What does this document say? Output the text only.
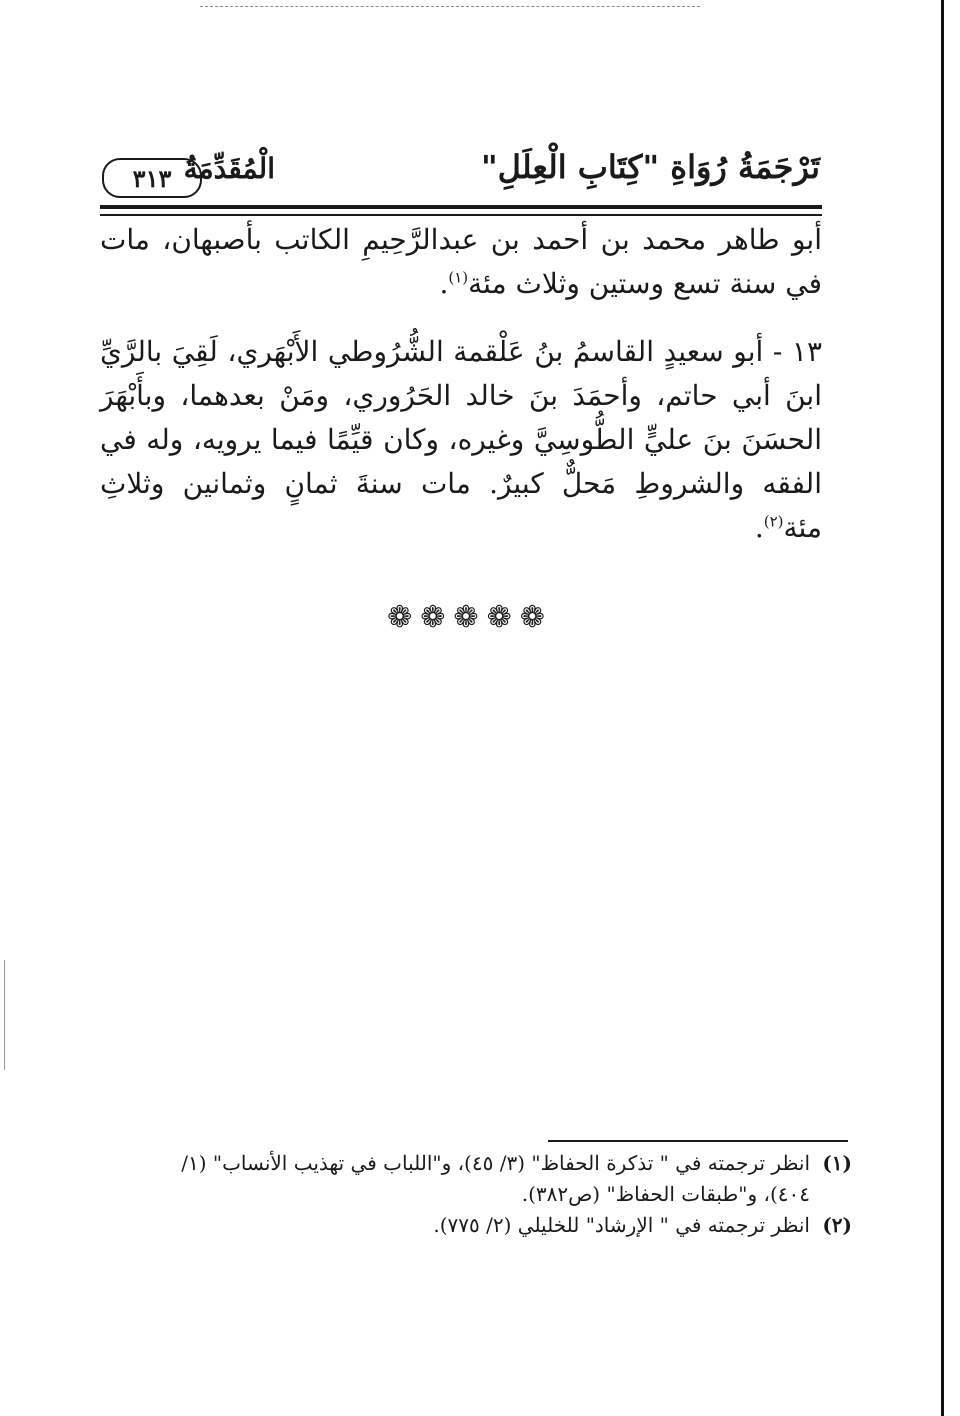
تَرْجَمَةُ رُوَاةِ "كِتَابِ الْعِلَلِ"
الْمُقَدِّمَةُ
٣١٣

أبو طاهر محمد بن أحمد بن عبدالرَّحِيمِ الكاتب بأصبهان، مات في سنة تسع وستين وثلاث مئة$^{(١)}$.

١٣ - أبو سعيدٍ القاسمُ بنُ عَلْقمة الشُّرُوطي الأَبْهَري، لَقِيَ بالرَّيِّ ابنَ أبي حاتم، وأحمَدَ بنَ خالد الحَرُوري، ومَنْ بعدهما، وبأَبْهَرَ الحسَنَ بنَ عليٍّ الطُّوسِيَّ وغيره، وكان قيِّمًا فيما يرويه، وله في الفقه والشروطِ مَحلٌّ كبيرٌ. مات سنةَ ثمانٍ وثمانين وثلاثِ مئة$^{(٢)}$.

❁❁❁❁❁
(١)
انظر ترجمته في " تذكرة الحفاظ" (٣/ ٤٥)، و"اللباب في تهذيب الأنساب" (١/ ٤٠٤)، و"طبقات الحفاظ" (ص٣٨٢).
(٢)
انظر ترجمته في " الإرشاد" للخليلي (٢/ ٧٧٥).
